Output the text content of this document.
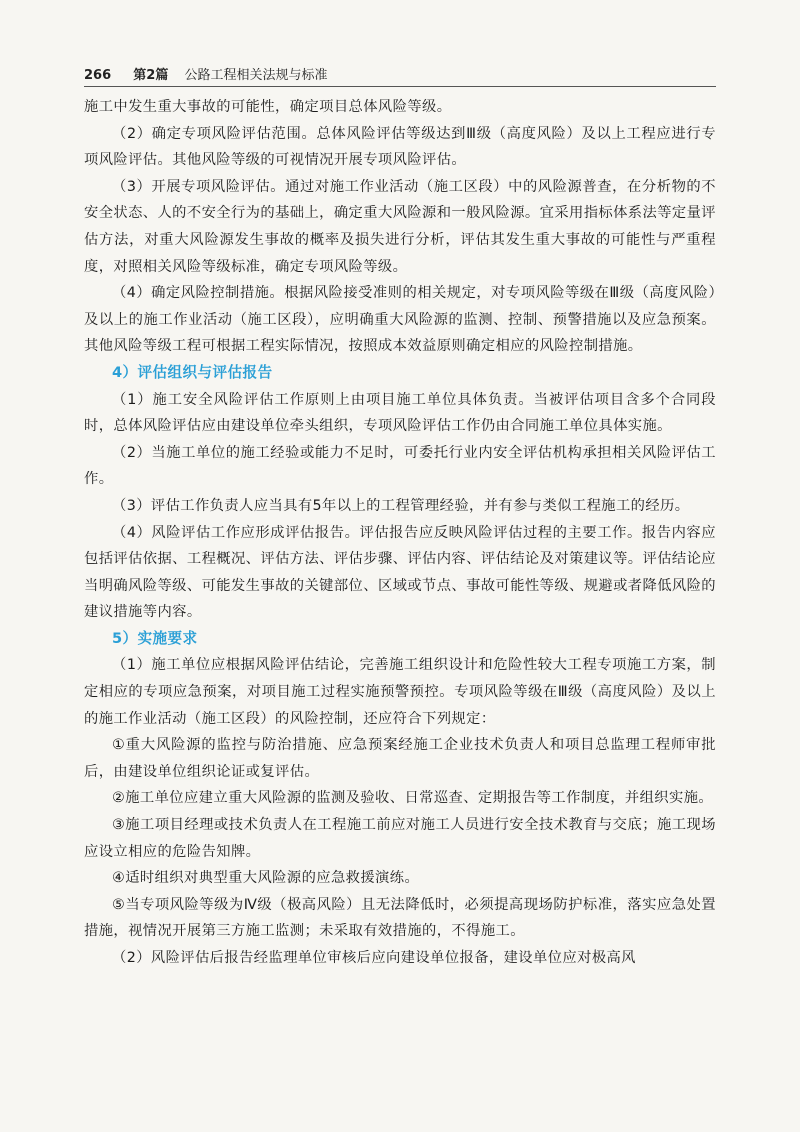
266 第2篇 公路工程相关法规与标准

施工中发生重大事故的可能性，确定项目总体风险等级。

（2）确定专项风险评估范围。总体风险评估等级达到Ⅲ级（高度风险）及以上工程应进行专项风险评估。其他风险等级的可视情况开展专项风险评估。

（3）开展专项风险评估。通过对施工作业活动（施工区段）中的风险源普查，在分析物的不安全状态、人的不安全行为的基础上，确定重大风险源和一般风险源。宜采用指标体系法等定量评估方法，对重大风险源发生事故的概率及损失进行分析，评估其发生重大事故的可能性与严重程度，对照相关风险等级标准，确定专项风险等级。

（4）确定风险控制措施。根据风险接受准则的相关规定，对专项风险等级在Ⅲ级（高度风险）及以上的施工作业活动（施工区段），应明确重大风险源的监测、控制、预警措施以及应急预案。其他风险等级工程可根据工程实际情况，按照成本效益原则确定相应的风险控制措施。

4）评估组织与评估报告

（1）施工安全风险评估工作原则上由项目施工单位具体负责。当被评估项目含多个合同段时，总体风险评估应由建设单位牵头组织，专项风险评估工作仍由合同施工单位具体实施。

（2）当施工单位的施工经验或能力不足时，可委托行业内安全评估机构承担相关风险评估工作。

（3）评估工作负责人应当具有5年以上的工程管理经验，并有参与类似工程施工的经历。

（4）风险评估工作应形成评估报告。评估报告应反映风险评估过程的主要工作。报告内容应包括评估依据、工程概况、评估方法、评估步骤、评估内容、评估结论及对策建议等。评估结论应当明确风险等级、可能发生事故的关键部位、区域或节点、事故可能性等级、规避或者降低风险的建议措施等内容。

5）实施要求

（1）施工单位应根据风险评估结论，完善施工组织设计和危险性较大工程专项施工方案，制定相应的专项应急预案，对项目施工过程实施预警预控。专项风险等级在Ⅲ级（高度风险）及以上的施工作业活动（施工区段）的风险控制，还应符合下列规定：

①重大风险源的监控与防治措施、应急预案经施工企业技术负责人和项目总监理工程师审批后，由建设单位组织论证或复评估。

②施工单位应建立重大风险源的监测及验收、日常巡查、定期报告等工作制度，并组织实施。

③施工项目经理或技术负责人在工程施工前应对施工人员进行安全技术教育与交底；施工现场应设立相应的危险告知牌。

④适时组织对典型重大风险源的应急救援演练。

⑤当专项风险等级为Ⅳ级（极高风险）且无法降低时，必须提高现场防护标准，落实应急处置措施，视情况开展第三方施工监测；未采取有效措施的，不得施工。

（2）风险评估后报告经监理单位审核后应向建设单位报备，建设单位应对极高风
